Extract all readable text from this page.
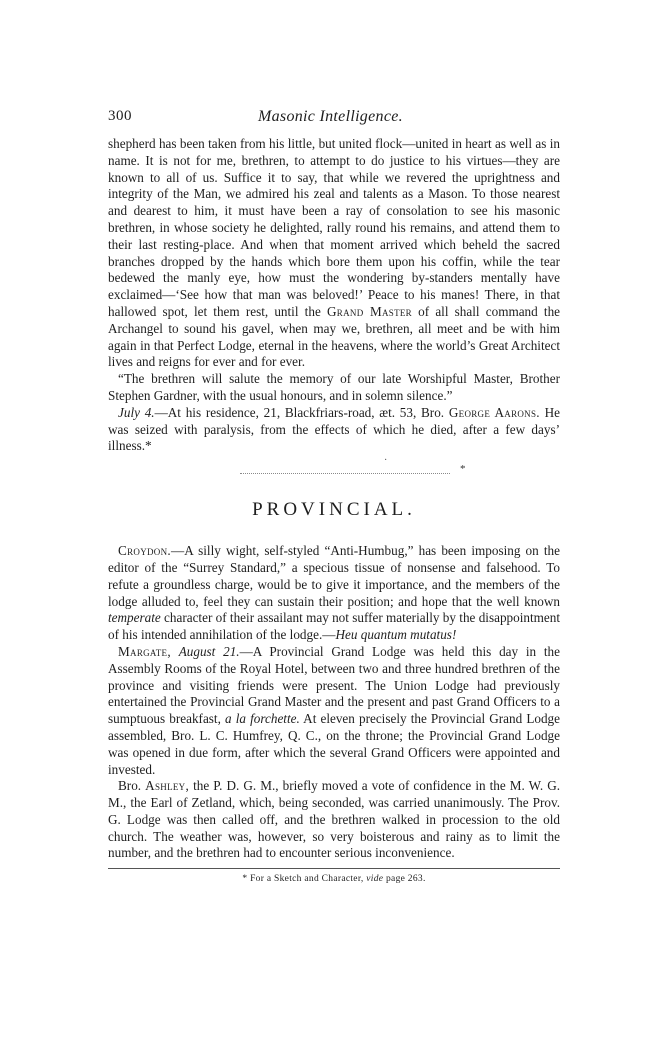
300	Masonic Intelligence.

shepherd has been taken from his little, but united flock—united in heart as well as in name. It is not for me, brethren, to attempt to do justice to his virtues—they are known to all of us. Suffice it to say, that while we revered the uprightness and integrity of the Man, we admired his zeal and talents as a Mason. To those nearest and dearest to him, it must have been a ray of consolation to see his masonic brethren, in whose society he delighted, rally round his remains, and attend them to their last resting-place. And when that moment arrived which beheld the sacred branches dropped by the hands which bore them upon his coffin, while the tear bedewed the manly eye, how must the wondering by-standers mentally have exclaimed—‘See how that man was beloved!’ Peace to his manes! There, in that hallowed spot, let them rest, until the Grand Master of all shall command the Archangel to sound his gavel, when may we, brethren, all meet and be with him again in that Perfect Lodge, eternal in the heavens, where the world’s Great Architect lives and reigns for ever and for ever.

“The brethren will salute the memory of our late Worshipful Master, Brother Stephen Gardner, with the usual honours, and in solemn silence.”

July 4.—At his residence, 21, Blackfriars-road, æt. 53, Bro. George Aarons. He was seized with paralysis, from the effects of which he died, after a few days’ illness.*

·
*
PROVINCIAL.

Croydon.—A silly wight, self-styled “Anti-Humbug,” has been imposing on the editor of the “Surrey Standard,” a specious tissue of nonsense and falsehood. To refute a groundless charge, would be to give it importance, and the members of the lodge alluded to, feel they can sustain their position; and hope that the well known temperate character of their assailant may not suffer materially by the disappointment of his intended annihilation of the lodge.—Heu quantum mutatus!

Margate, August 21.—A Provincial Grand Lodge was held this day in the Assembly Rooms of the Royal Hotel, between two and three hundred brethren of the province and visiting friends were present. The Union Lodge had previously entertained the Provincial Grand Master and the present and past Grand Officers to a sumptuous breakfast, a la forchette. At eleven precisely the Provincial Grand Lodge assembled, Bro. L. C. Humfrey, Q. C., on the throne; the Provincial Grand Lodge was opened in due form, after which the several Grand Officers were appointed and invested.

Bro. Ashley, the P. D. G. M., briefly moved a vote of confidence in the M. W. G. M., the Earl of Zetland, which, being seconded, was carried unanimously. The Prov. G. Lodge was then called off, and the brethren walked in procession to the old church. The weather was, however, so very boisterous and rainy as to limit the number, and the brethren had to encounter serious inconvenience.

* For a Sketch and Character, vide page 263.
